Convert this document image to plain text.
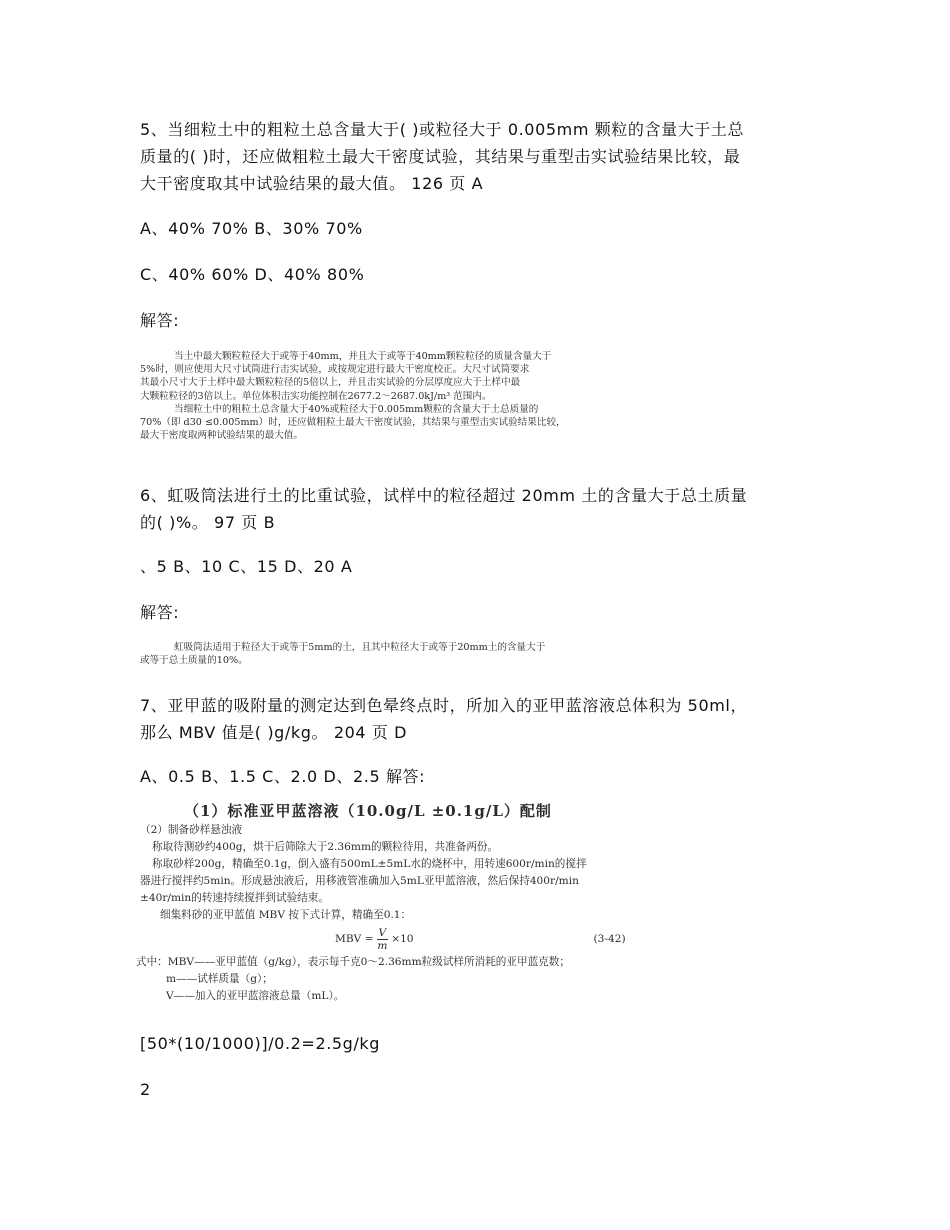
5、当细粒土中的粗粒土总含量大于( )或粒径大于 0.005mm 颗粒的含量大于土总
质量的( )时，还应做粗粒土最大干密度试验，其结果与重型击实试验结果比较，最
大干密度取其中试验结果的最大值。 126 页 A
A、40% 70% B、30% 70%
C、40% 60% D、40% 80%
解答:
当土中最大颗粒粒径大于或等于40mm，并且大于或等于40mm颗粒粒径的质量含量大于
5%时，则应使用大尺寸试筒进行击实试验，或按规定进行最大干密度校正。大尺寸试筒要求
其最小尺寸大于土样中最大颗粒粒径的5倍以上，并且击实试验的分层厚度应大于土样中最
大颗粒粒径的3倍以上。单位体积击实功能控制在2677.2～2687.0kJ/m³ 范围内。
当细粒土中的粗粒土总含量大于40%或粒径大于0.005mm颗粒的含量大于土总质量的
70%（即 d30 ≤0.005mm）时，还应做粗粒土最大干密度试验，其结果与重型击实试验结果比较，
最大干密度取两种试验结果的最大值。
6、虹吸筒法进行土的比重试验，试样中的粒径超过 20mm 土的含量大于总土质量
的( )%。 97 页 B
、5 B、10 C、15 D、20 A
解答:
虹吸筒法适用于粒径大于或等于5mm的土，且其中粒径大于或等于20mm土的含量大于
或等于总土质量的10%。
7、亚甲蓝的吸附量的测定达到色晕终点时，所加入的亚甲蓝溶液总体积为 50ml，
那么 MBV 值是( )g/kg。 204 页 D
A、0.5 B、1.5 C、2.0 D、2.5 解答:
（1）标准亚甲蓝溶液（10.0g/L ±0.1g/L）配制
（2）制备砂样悬浊液
称取待测砂约400g，烘干后筛除大于2.36mm的颗粒待用，共准备两份。
称取砂样200g，精确至0.1g，倒入盛有500mL±5mL水的烧杯中，用转速600r/min的搅拌
器进行搅拌约5min。形成悬浊液后，用移液管准确加入5mL亚甲蓝溶液，然后保持400r/min
±40r/min的转速持续搅拌到试验结束。
细集料砂的亚甲蓝值 MBV 按下式计算，精确至0.1：
MBV = $\frac{V}{m} \times 10$	(3-42)
式中：MBV——亚甲蓝值（g/kg），表示每千克0～2.36mm粒级试样所消耗的亚甲蓝克数；
m——试样质量（g）；
V——加入的亚甲蓝溶液总量（mL）。
[50*(10/1000)]/0.2=2.5g/kg
2
